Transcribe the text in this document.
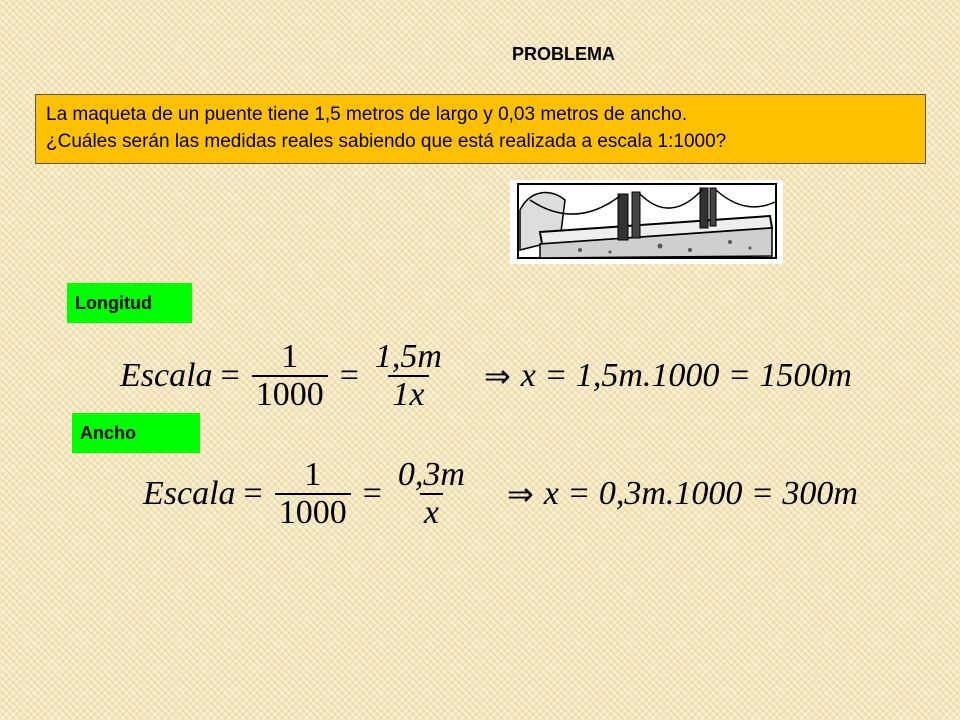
PROBLEMA
La maqueta de un puente tiene 1,5 metros de largo y 0,03 metros de ancho.
¿Cuáles serán las medidas reales sabiendo que está realizada a escala 1:1000?
Longitud
Escala = $\frac{1}{1000} = \frac{1,5m}{1x}$ ⇒ x = 1,5m.1000 = 1500m
Ancho
Escala = $\frac{1}{1000} = \frac{0,3m}{x}$ ⇒ x = 0,3m.1000 = 300m
